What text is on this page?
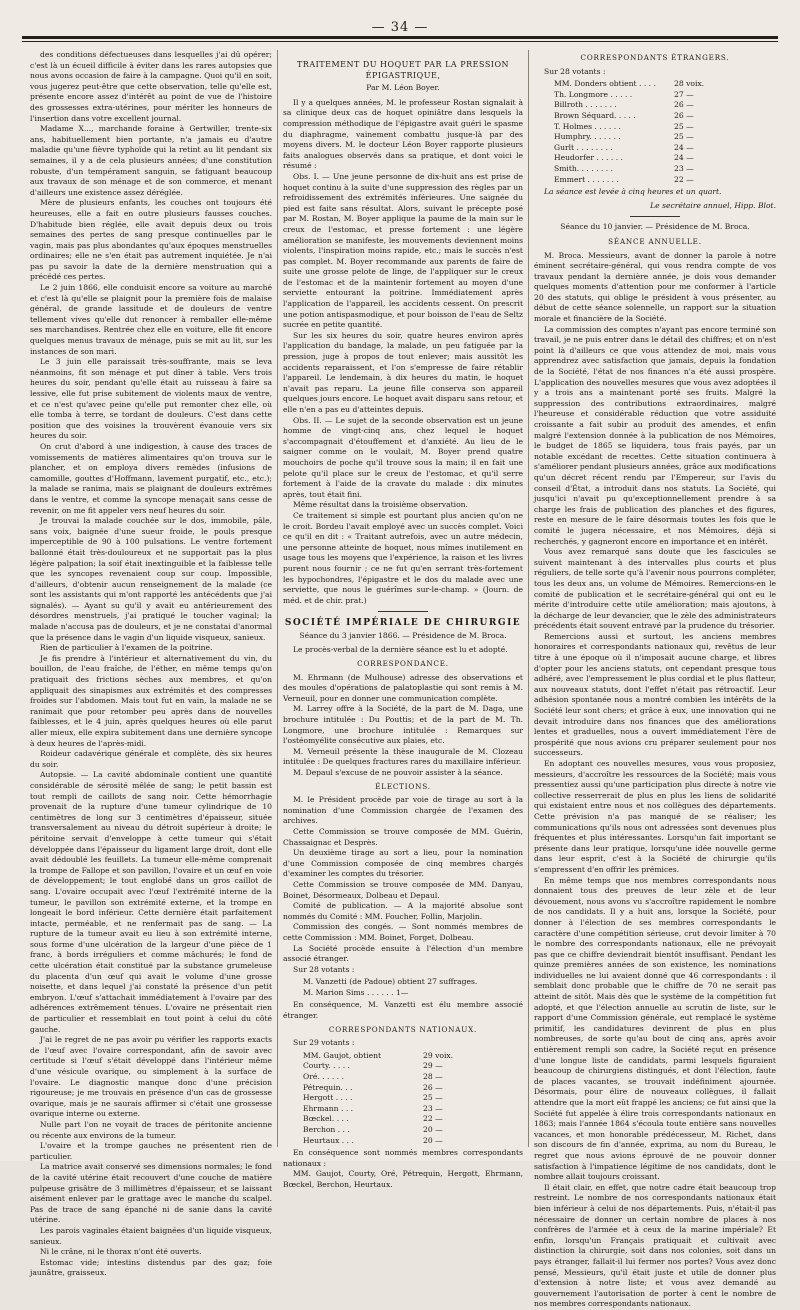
— 34 —

des conditions défectueuses dans lesquelles j'ai dû opérer; c'est là un écueil difficile à éviter dans les rares autopsies que nous avons occasion de faire à la campagne. Quoi qu'il en soit, vous jugerez peut-être que cette observation, telle qu'elle est, présente encore assez d'intérêt au point de vue de l'histoire des grossesses extra-utérines, pour mériter les honneurs de l'insertion dans votre excellent journal.

Madame X..., marchande foraine à Gertwiller, trente-six ans, habituellement bien portante, n'a jamais eu d'autre maladie qu'une fièvre typhoïde qui la retint au lit pendant six semaines, il y a de cela plusieurs années; d'une constitution robuste, d'un tempérament sanguin, se fatiguant beaucoup aux travaux de son ménage et de son commerce, et menant d'ailleurs une existence assez déréglée.

Mère de plusieurs enfants, les couches ont toujours été heureuses, elle a fait en outre plusieurs fausses couches. D'habitude bien réglée, elle avait depuis deux ou trois semaines des pertes de sang presque continuelles par le vagin, mais pas plus abondantes qu'aux époques menstruelles ordinaires; elle ne s'en était pas autrement inquiétée. Je n'ai pas pu savoir la date de la dernière menstruation qui a précédé ces pertes.

Le 2 juin 1866, elle conduisit encore sa voiture au marché et c'est là qu'elle se plaignit pour la première fois de malaise général, de grande lassitude et de douleurs de ventre tellement vives qu'elle dut renoncer à remballer elle-même ses marchandises. Rentrée chez elle en voiture, elle fit encore quelques menus travaux de ménage, puis se mit au lit, sur les instances de son mari.

Le 3 juin elle paraissait très-souffrante, mais se leva néanmoins, fit son ménage et put dîner à table. Vers trois heures du soir, pendant qu'elle était au ruisseau à faire sa lessive, elle fut prise subitement de violents maux de ventre, et ce n'est qu'avec peine qu'elle put remonter chez elle, où elle tomba à terre, se tordant de douleurs. C'est dans cette position que des voisines la trouvèrent évanouie vers six heures du soir.

On crut d'abord à une indigestion, à cause des traces de vomissements de matières alimentaires qu'on trouva sur le plancher, et on employa divers remèdes (infusions de camomille, gouttes d'Hoffmann, lavement purgatif, etc., etc.); la malade se ranima, mais se plaignant de douleurs extrêmes dans le ventre, et comme la syncope menaçait sans cesse de revenir, on me fit appeler vers neuf heures du soir.

Je trouvai la malade couchée sur le dos, immobile, pâle, sans voix, baignée d'une sueur froide, le pouls presque imperceptible de 90 à 100 pulsations. Le ventre fortement ballonné était très-douloureux et ne supportait pas la plus légère palpation; la soif était inextinguible et la faiblesse telle que les syncopes revenaient coup sur coup. Impossible, d'ailleurs, d'obtenir aucun renseignement de la malade (ce sont les assistants qui m'ont rapporté les antécédents que j'ai signalés). — Ayant su qu'il y avait eu antérieurement des désordres menstruels, j'ai pratiqué le toucher vaginal; la malade n'accusa pas de douleurs, et je ne constatai d'anormal que la présence dans le vagin d'un liquide visqueux, sanieux.

Rien de particulier à l'examen de la poitrine.

Je fis prendre à l'intérieur et alternativement du vin, du bouillon, de l'eau fraîche, de l'éther, en même temps qu'on pratiquait des frictions sèches aux membres, et qu'on appliquait des sinapismes aux extrémités et des compresses froides sur l'abdomen. Mais tout fut en vain, la malade ne se ranimait que pour retomber peu après dans de nouvelles faiblesses, et le 4 juin, après quelques heures où elle parut aller mieux, elle expira subitement dans une dernière syncope à deux heures de l'après-midi.

Roideur cadavérique générale et complète, dès six heures du soir.

Autopsie. — La cavité abdominale contient une quantité considérable de sérosité mêlée de sang; le petit bassin est tout rempli de caillots de sang noir. Cette hémorrhagie provenait de la rupture d'une tumeur cylindrique de 10 centimètres de long sur 3 centimètres d'épaisseur, située transversalement au niveau du détroit supérieur à droite; le péritoine servait d'enveloppe à cette tumeur qui s'était développée dans l'épaisseur du ligament large droit, dont elle avait dédoublé les feuillets. La tumeur elle-même comprenait la trompe de Fallope et son pavillon, l'ovaire et un œuf en voie de développement; le tout englobé dans un gros caillot de sang. L'ovaire occupait avec l'œuf l'extrémité interne de la tumeur, le pavillon son extrémité externe, et la trompe en longeait le bord inférieur. Cette dernière était parfaitement intacte, perméable, et ne renfermait pas de sang. — La rupture de la tumeur avait eu lieu à son extrémité interne, sous forme d'une ulcération de la largeur d'une pièce de 1 franc, à bords irréguliers et comme mâchurés; le fond de cette ulcération était constitué par la substance grumeleuse du placenta d'un œuf qui avait le volume d'une grosse noisette, et dans lequel j'ai constaté la présence d'un petit embryon. L'œuf s'attachait immédiatement à l'ovaire par des adhérences extrêmement ténues. L'ovaire ne présentait rien de particulier et ressemblait en tout point à celui du côté gauche.

J'ai le regret de ne pas avoir pu vérifier les rapports exacts de l'œuf avec l'ovaire correspondant, afin de savoir avec certitude si l'œuf s'était développé dans l'intérieur même d'une vésicule ovarique, ou simplement à la surface de l'ovaire. Le diagnostic manque donc d'une précision rigoureuse; je me trouvais en présence d'un cas de grossesse ovarique, mais je ne saurais affirmer si c'était une grossesse ovarique interne ou externe.

Nulle part l'on ne voyait de traces de péritonite ancienne ou récente aux environs de la tumeur.

L'ovaire et la trompe gauches ne présentent rien de particulier.

La matrice avait conservé ses dimensions normales; le fond de la cavité utérine était recouvert d'une couche de matière pulpeuse grisâtre de 3 millimètres d'épaisseur, et se laissant aisément enlever par le grattage avec le manche du scalpel. Pas de trace de sang épanché ni de sanie dans la cavité utérine.

Les parois vaginales étaient baignées d'un liquide visqueux, sanieux.

Ni le crâne, ni le thorax n'ont été ouverts.

Estomac vide; intestins distendus par des gaz; foie jaunâtre, graisseux.

TRAITEMENT DU HOQUET PAR LA PRESSION ÉPIGASTRIQUE,
Par M. Léon Boyer.

Il y a quelques années, M. le professeur Rostan signalait à sa clinique deux cas de hoquet opiniâtre dans lesquels la compression méthodique de l'épigastre avait guéri le spasme du diaphragme, vainement combattu jusque-là par des moyens divers. M. le docteur Léon Boyer rapporte plusieurs faits analogues observés dans sa pratique, et dont voici le résumé :

Obs. I. — Une jeune personne de dix-huit ans est prise de hoquet continu à la suite d'une suppression des règles par un refroidissement des extrémités inférieures. Une saignée du pied est faite sans résultat. Alors, suivant le précepte posé par M. Rostan, M. Boyer applique la paume de la main sur le creux de l'estomac, et presse fortement : une légère amélioration se manifeste, les mouvements deviennent moins violents, l'inspiration moins rapide, etc.; mais le succès n'est pas complet. M. Boyer recommande aux parents de faire de suite une grosse pelote de linge, de l'appliquer sur le creux de l'estomac et de la maintenir fortement au moyen d'une serviette entourant la poitrine. Immédiatement après l'application de l'appareil, les accidents cessent. On prescrit une potion antispasmodique, et pour boisson de l'eau de Seltz sucrée en petite quantité.

Sur les six heures du soir, quatre heures environ après l'application du bandage, la malade, un peu fatiguée par la pression, juge à propos de tout enlever; mais aussitôt les accidents reparaissent, et l'on s'empresse de faire rétablir l'appareil. Le lendemain, à dix heures du matin, le hoquet n'avait pas reparu. La jeune fille conserva son appareil quelques jours encore. Le hoquet avait disparu sans retour, et elle n'en a pas eu d'atteintes depuis.

Obs. II. — Le sujet de la seconde observation est un jeune homme de vingt-cinq ans, chez lequel le hoquet s'accompagnait d'étouffement et d'anxiété. Au lieu de le saigner comme on le voulait, M. Boyer prend quatre mouchoirs de poche qu'il trouve sous la main; il en fait une pelote qu'il place sur le creux de l'estomac, et qu'il serre fortement à l'aide de la cravate du malade : dix minutes après, tout était fini.

Même résultat dans la troisième observation.

Ce traitement si simple est pourtant plus ancien qu'on ne le croit. Bordeu l'avait employé avec un succès complet. Voici ce qu'il en dit : « Traitant autrefois, avec un autre médecin, une personne atteinte de hoquet, nous mîmes inutilement en usage tous les moyens que l'expérience, la raison et les livres purent nous fournir ; ce ne fut qu'en serrant très-fortement les hypochondres, l'épigastre et le dos du malade avec une serviette, que nous le guérîmes sur-le-champ. » (Journ. de méd. et de chir. prat.)

SOCIÉTÉ IMPÉRIALE DE CHIRURGIE
Séance du 3 janvier 1866. — Présidence de M. Broca.

Le procès-verbal de la dernière séance est lu et adopté.

CORRESPONDANCE.

M. Ehrmann (de Mulhouse) adresse des observations et des moules d'opérations de palatoplastie qui sont remis à M. Verneuil, pour en donner une communication complète.

M. Larrey offre à la Société, de la part de M. Daga, une brochure intitulée : Du Pouttis; et de la part de M. Th. Longmore, une brochure intitulée : Remarques sur l'ostéomyélite consécutive aux plaies, etc.

M. Verneuil présente la thèse inaugurale de M. Clozeau intitulée : De quelques fractures rares du maxillaire inférieur.

M. Depaul s'excuse de ne pouvoir assister à la séance.

ÉLECTIONS.

M. le Président procède par voie de tirage au sort à la nomination d'une Commission chargée de l'examen des archives.

Cette Commission se trouve composée de MM. Guérin, Chassaignac et Desprès.

Un deuxième tirage au sort a lieu, pour la nomination d'une Commission composée de cinq membres chargés d'examiner les comptes du trésorier.

Cette Commission se trouve composée de MM. Danyau, Boinet, Désormeaux, Dolbeau et Depaul.

Comité de publication. — A la majorité absolue sont nommés du Comité : MM. Foucher, Follin, Marjolin.

Commission des congés. — Sont nommés membres de cette Commission : MM. Boinet, Forget, Dolbeau.

La Société procède ensuite à l'élection d'un membre associé étranger.

Sur 28 votants :

M. Vanzetti (de Padoue) obtient 27 suffrages.
M. Marion Sims . . . . . . 1 —

En conséquence, M. Vanzetti est élu membre associé étranger.

CORRESPONDANTS NATIONAUX.

Sur 29 votants :

MM. Gaujot, obtient	29 voix.
Courty. . . . .	29 —
Oré. . . . . .	28 —
Pétrequin. . .	26 —
Hergott . . . .	25 —
Ehrmann . . .	23 —
Bœckel. . . .	22 —
Berchon . . .	20 —
Heurtaux . . .	20 —

En conséquence sont nommés membres correspondants nationaux :

MM. Gaujot, Courty, Oré, Pétrequin, Hergott, Ehrmann, Bœckel, Berchon, Heurtaux.

CORRESPONDANTS ÉTRANGERS.

Sur 28 votants :

MM. Donders obtient . . . .	28 voix.
Th. Longmore . . . . .	27 —
Billroth . . . . . . .	26 —
Brown Séquard. . . . .	26 —
T. Holmes . . . . . .	25 —
Humphry. . . . . . .	25 —
Gurlt . . . . . . . .	24 —
Heudorfer . . . . . .	24 —
Smith. . . . . . . .	23 —
Emmert . . . . . . .	22 —

La séance est levée à cinq heures et un quart.

Le secrétaire annuel, Hipp. Blot.
Séance du 10 janvier. — Présidence de M. Broca.
SÉANCE ANNUELLE.

M. Broca. Messieurs, avant de donner la parole à notre éminent secrétaire-général, qui vous rendra compte de vos travaux pendant la dernière année, je dois vous demander quelques moments d'attention pour me conformer à l'article 20 des statuts, qui oblige le président à vous présenter, au début de cette séance solennelle, un rapport sur la situation morale et financière de la Société.

La commission des comptes n'ayant pas encore terminé son travail, je ne puis entrer dans le détail des chiffres; et on n'est point là d'ailleurs ce que vous attendez de moi, mais vous apprendrez avec satisfaction que jamais, depuis la fondation de la Société, l'état de nos finances n'a été aussi prospère. L'application des nouvelles mesures que vous avez adoptées il y a trois ans a maintenant porté ses fruits. Malgré la suppression des contributions extraordinaires, malgré l'heureuse et considérable réduction que votre assiduité croissante a fait subir au produit des amendes, et enfin malgré l'extension donnée à la publication de nos Mémoires, le budget de 1865 se liquidera, tous frais payés, par un notable excédant de recettes. Cette situation continuera à s'améliorer pendant plusieurs années, grâce aux modifications qu'un décret récent rendu par l'Empereur, sur l'avis du conseil d'État, a introduit dans nos statuts. La Société, qui jusqu'ici n'avait pu qu'exceptionnellement prendre à sa charge les frais de publication des planches et des figures, reste en mesure de le faire désormais toutes les fois que le comité le jugera nécessaire, et nos Mémoires, déjà si recherchés, y gagneront encore en importance et en intérêt.

Vous avez remarqué sans doute que les fascicules se suivent maintenant à des intervalles plus courts et plus réguliers, de telle sorte qu'à l'avenir nous pourrons compléter, tous les deux ans, un volume de Mémoires. Remercions-en le comité de publication et le secrétaire-général qui ont eu le mérite d'introduire cette utile amélioration; mais ajoutons, à la décharge de leur devancier, que le zèle des administrateurs précédents était souvent entravé par la prudence du trésorier.

Remercions aussi et surtout, les anciens membres honoraires et correspondants nationaux qui, revêtus de leur titre à une époque où il n'imposait aucune charge, et libres d'opter pour les anciens statuts, ont cependant presque tous adhéré, avec l'empressement le plus cordial et le plus flatteur, aux nouveaux statuts, dont l'effet n'était pas rétroactif. Leur adhésion spontanée nous a montré combien les intérêts de la Société leur sont chers; et grâce à eux, une innovation qui ne devait introduire dans nos finances que des améliorations lentes et graduelles, nous a ouvert immédiatement l'ère de prospérité que nous avions cru préparer seulement pour nos successeurs.

En adoptant ces nouvelles mesures, vous vous proposiez, messieurs, d'accroître les ressources de la Société; mais vous pressentiez aussi qu'une participation plus directe à notre vie collective resserrerait de plus en plus les liens de solidarité qui existaient entre nous et nos collègues des départements. Cette prévision n'a pas manqué de se réaliser; les communications qu'ils nous ont adressées sont devenues plus fréquentes et plus intéressantes. Lorsqu'un fait important se présente dans leur pratique, lorsqu'une idée nouvelle germe dans leur esprit, c'est à la Société de chirurgie qu'ils s'empressent d'en offrir les prémices.

En même temps que nos membres correspondants nous donnaient tous des preuves de leur zèle et de leur dévouement, nous avons vu s'accroître rapidement le nombre de nos candidats. Il y a huit ans, lorsque la Société, pour donner à l'élection de ses membres correspondants le caractère d'une compétition sérieuse, crut devoir limiter à 70 le nombre des correspondants nationaux, elle ne prévoyait pas que ce chiffre deviendrait bientôt insuffisant. Pendant les quinze premières années de son existence, les nominations individuelles ne lui avaient donné que 46 correspondants : il semblait donc probable que le chiffre de 70 ne serait pas atteint de sitôt. Mais dès que le système de la compétition fut adopté, et que l'élection annuelle au scrutin de liste, sur le rapport d'une Commission générale, eut remplacé le système primitif, les candidatures devinrent de plus en plus nombreuses, de sorte qu'au bout de cinq ans, après avoir entièrement rempli son cadre, la Société reçut en présence d'une longue liste de candidats, parmi lesquels figuraient beaucoup de chirurgiens distingués, et dont l'élection, faute de places vacantes, se trouvait indéfiniment ajournée. Désormais, pour élire de nouveaux collègues, il fallait attendre que la mort eût frappé les anciens; ce fut ainsi que la Société fut appelée à élire trois correspondants nationaux en 1863; mais l'année 1864 s'écoula toute entière sans nouvelles vacances, et mon honorable prédécesseur, M. Richet, dans son discours de fin d'année, exprima, au nom du Bureau, le regret que nous avions éprouvé de ne pouvoir donner satisfaction à l'impatience légitime de nos candidats, dont le nombre allait toujours croissant.

Il était clair, en effet, que notre cadre était beaucoup trop restreint. Le nombre de nos correspondants nationaux était bien inférieur à celui de nos départements. Puis, n'était-il pas nécessaire de donner un certain nombre de places à nos confrères de l'armée et à ceux de la marine impériale? Et enfin, lorsqu'un Français pratiquait et cultivait avec distinction la chirurgie, soit dans nos colonies, soit dans un pays étranger, fallait-il lui fermer nos portes? Vous avez donc pensé, Messieurs, qu'il était juste et utile de donner plus d'extension à notre liste; et vous avez demandé au gouvernement l'autorisation de porter à cent le nombre de nos membres correspondants nationaux.
